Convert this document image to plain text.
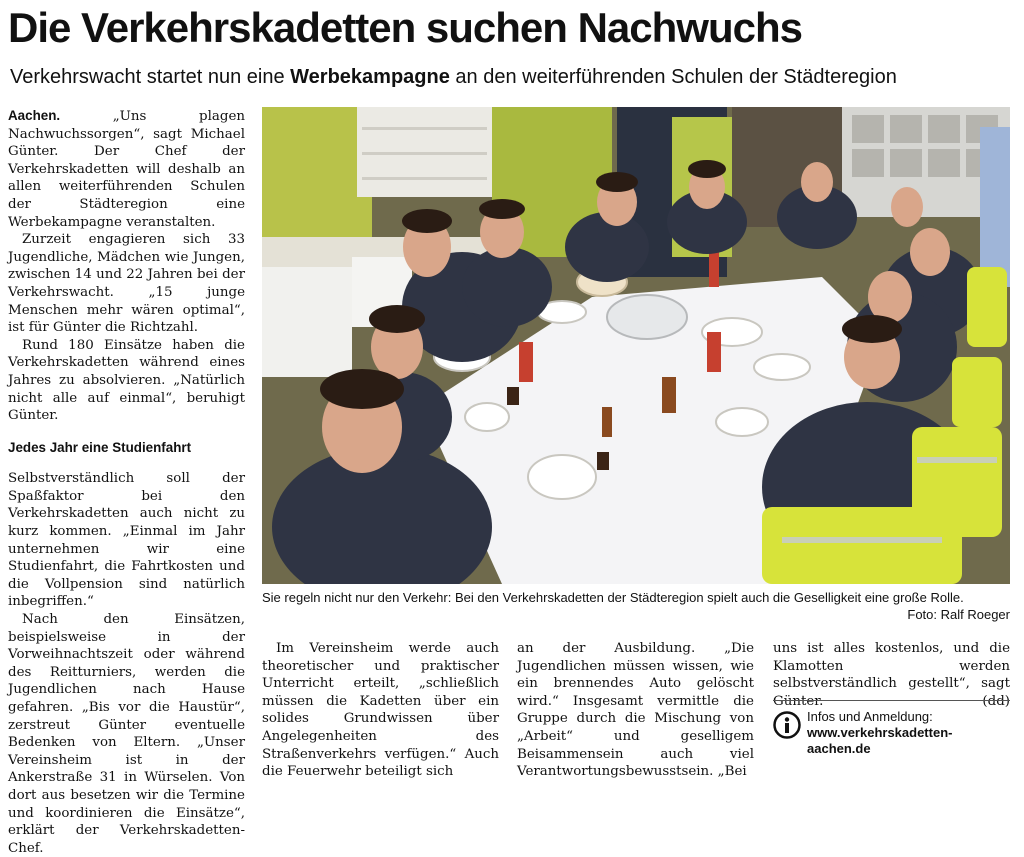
Die Verkehrskadetten suchen Nachwuchs

Verkehrswacht startet nun eine Werbekampagne an den weiterführenden Schulen der Städteregion

Aachen. „Uns plagen Nachwuchssorgen“, sagt Michael Günter. Der Chef der Verkehrskadetten will deshalb an allen weiterführenden Schulen der Städteregion eine Werbekampagne veranstalten.

Zurzeit engagieren sich 33 Jugendliche, Mädchen wie Jungen, zwischen 14 und 22 Jahren bei der Verkehrswacht. „15 junge Menschen mehr wären optimal“, ist für Günter die Richtzahl.

Rund 180 Einsätze haben die Verkehrskadetten während eines Jahres zu absolvieren. „Natürlich nicht alle auf einmal“, beruhigt Günter.

Jedes Jahr eine Studienfahrt

Selbstverständlich soll der Spaßfaktor bei den Verkehrskadetten auch nicht zu kurz kommen. „Einmal im Jahr unternehmen wir eine Studienfahrt, die Fahrtkosten und die Vollpension sind natürlich inbegriffen.“

Nach den Einsätzen, beispielsweise in der Vorweihnachtszeit oder während des Reitturniers, werden die Jugendlichen nach Hause gefahren. „Bis vor die Haustür“, zerstreut Günter eventuelle Bedenken von Eltern. „Unser Vereinsheim ist in der Ankerstraße 31 in Würselen. Von dort aus besetzen wir die Termine und koordinieren die Einsätze“, erklärt der Verkehrskadetten-Chef.

Sie regeln nicht nur den Verkehr: Bei den Verkehrskadetten der Städteregion spielt auch die Geselligkeit eine große Rolle.
Foto: Ralf Roeger

Im Vereinsheim werde auch theoretischer und praktischer Unterricht erteilt, „schließlich müssen die Kadetten über ein solides Grundwissen über Angelegenheiten des Straßenverkehrs verfügen.“ Auch die Feuerwehr beteiligt sich

an der Ausbildung. „Die Jugendlichen müssen wissen, wie ein brennendes Auto gelöscht wird.“ Insgesamt vermittle die Gruppe durch die Mischung von „Arbeit“ und geselligem Beisammensein auch viel Verantwortungsbewusstsein. „Bei

uns ist alles kostenlos, und die Klamotten werden selbstverständlich gestellt“, sagt Günter.	(dd)

Infos und Anmeldung:
www.verkehrskadetten-
aachen.de
